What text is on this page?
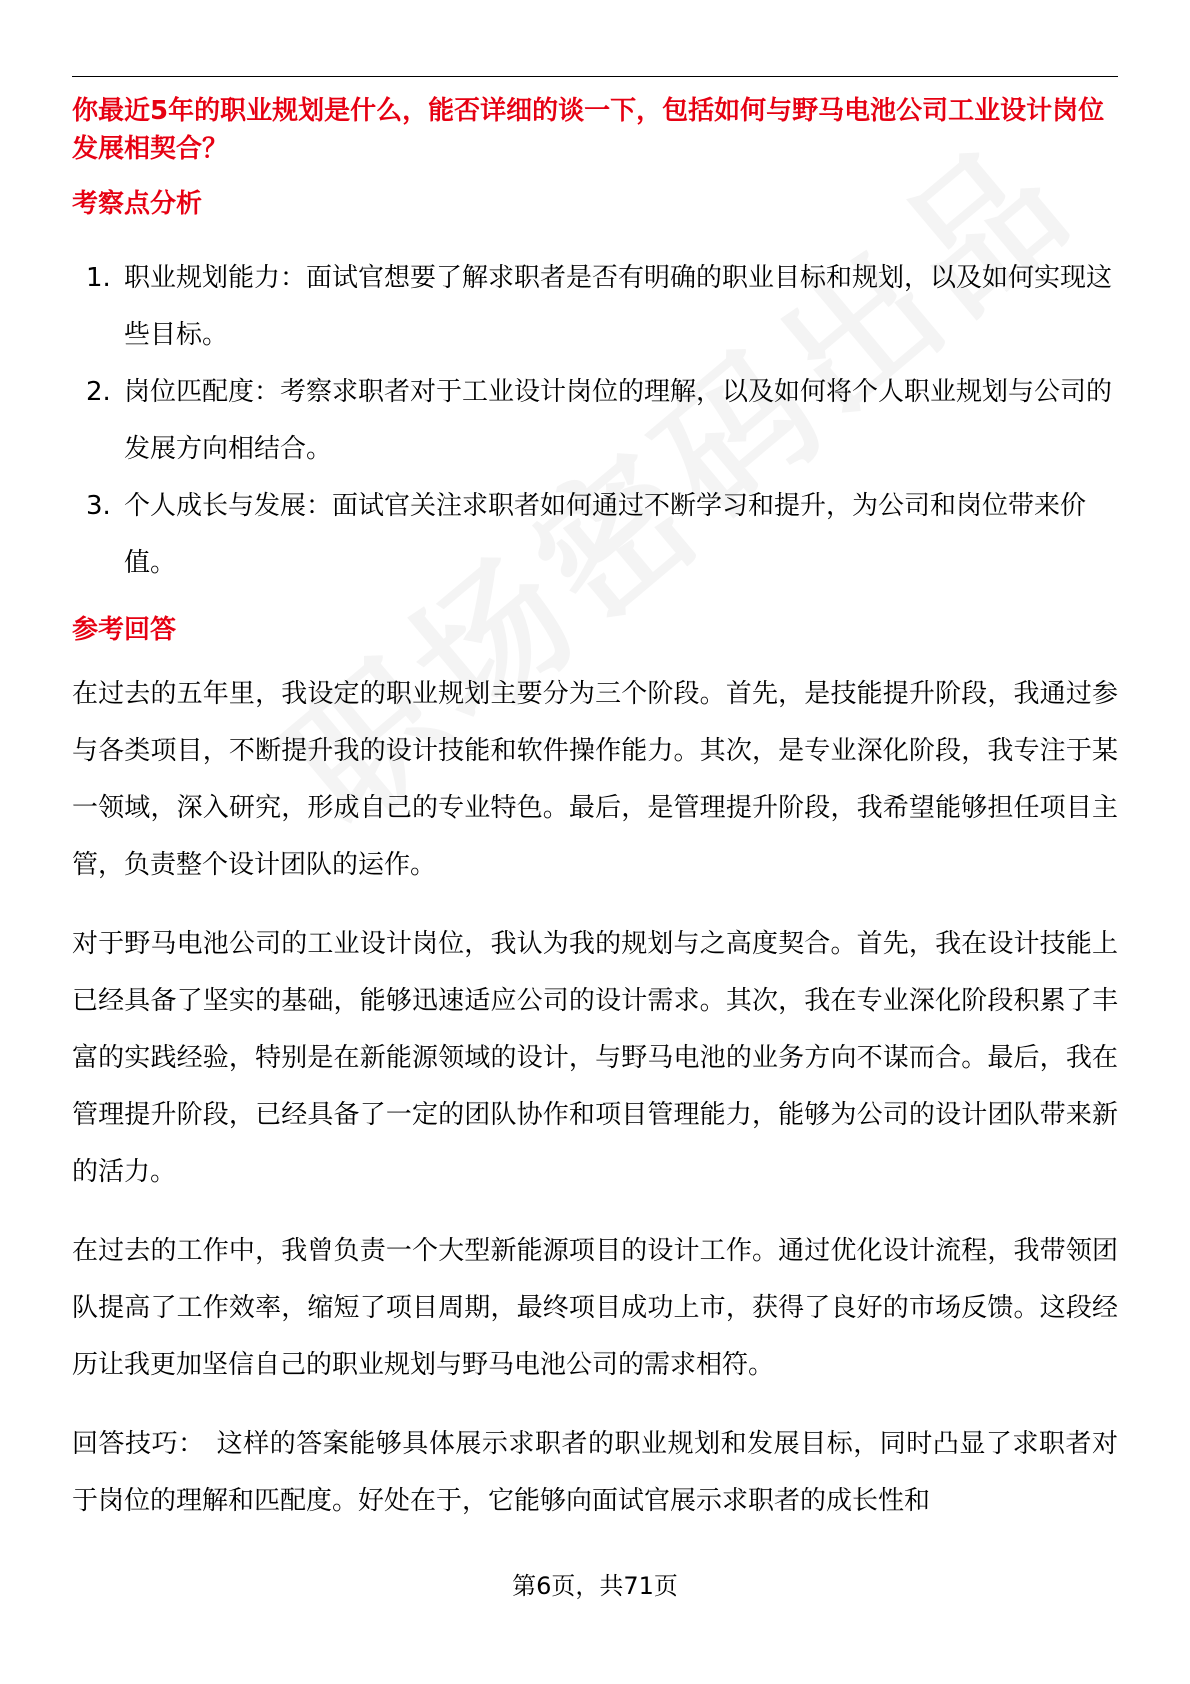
你最近5年的职业规划是什么，能否详细的谈一下，包括如何与野马电池公司工业设计岗位发展相契合？
考察点分析
1. 职业规划能力：面试官想要了解求职者是否有明确的职业目标和规划，以及如何实现这些目标。
2. 岗位匹配度：考察求职者对于工业设计岗位的理解，以及如何将个人职业规划与公司的发展方向相结合。
3. 个人成长与发展：面试官关注求职者如何通过不断学习和提升，为公司和岗位带来价值。
参考回答

在过去的五年里，我设定的职业规划主要分为三个阶段。首先，是技能提升阶段，我通过参与各类项目，不断提升我的设计技能和软件操作能力。其次，是专业深化阶段，我专注于某一领域，深入研究，形成自己的专业特色。最后，是管理提升阶段，我希望能够担任项目主管，负责整个设计团队的运作。

对于野马电池公司的工业设计岗位，我认为我的规划与之高度契合。首先，我在设计技能上已经具备了坚实的基础，能够迅速适应公司的设计需求。其次，我在专业深化阶段积累了丰富的实践经验，特别是在新能源领域的设计，与野马电池的业务方向不谋而合。最后，我在管理提升阶段，已经具备了一定的团队协作和项目管理能力，能够为公司的设计团队带来新的活力。

在过去的工作中，我曾负责一个大型新能源项目的设计工作。通过优化设计流程，我带领团队提高了工作效率，缩短了项目周期，最终项目成功上市，获得了良好的市场反馈。这段经历让我更加坚信自己的职业规划与野马电池公司的需求相符。

回答技巧： 这样的答案能够具体展示求职者的职业规划和发展目标，同时凸显了求职者对于岗位的理解和匹配度。好处在于，它能够向面试官展示求职者的成长性和

第6页，共71页
